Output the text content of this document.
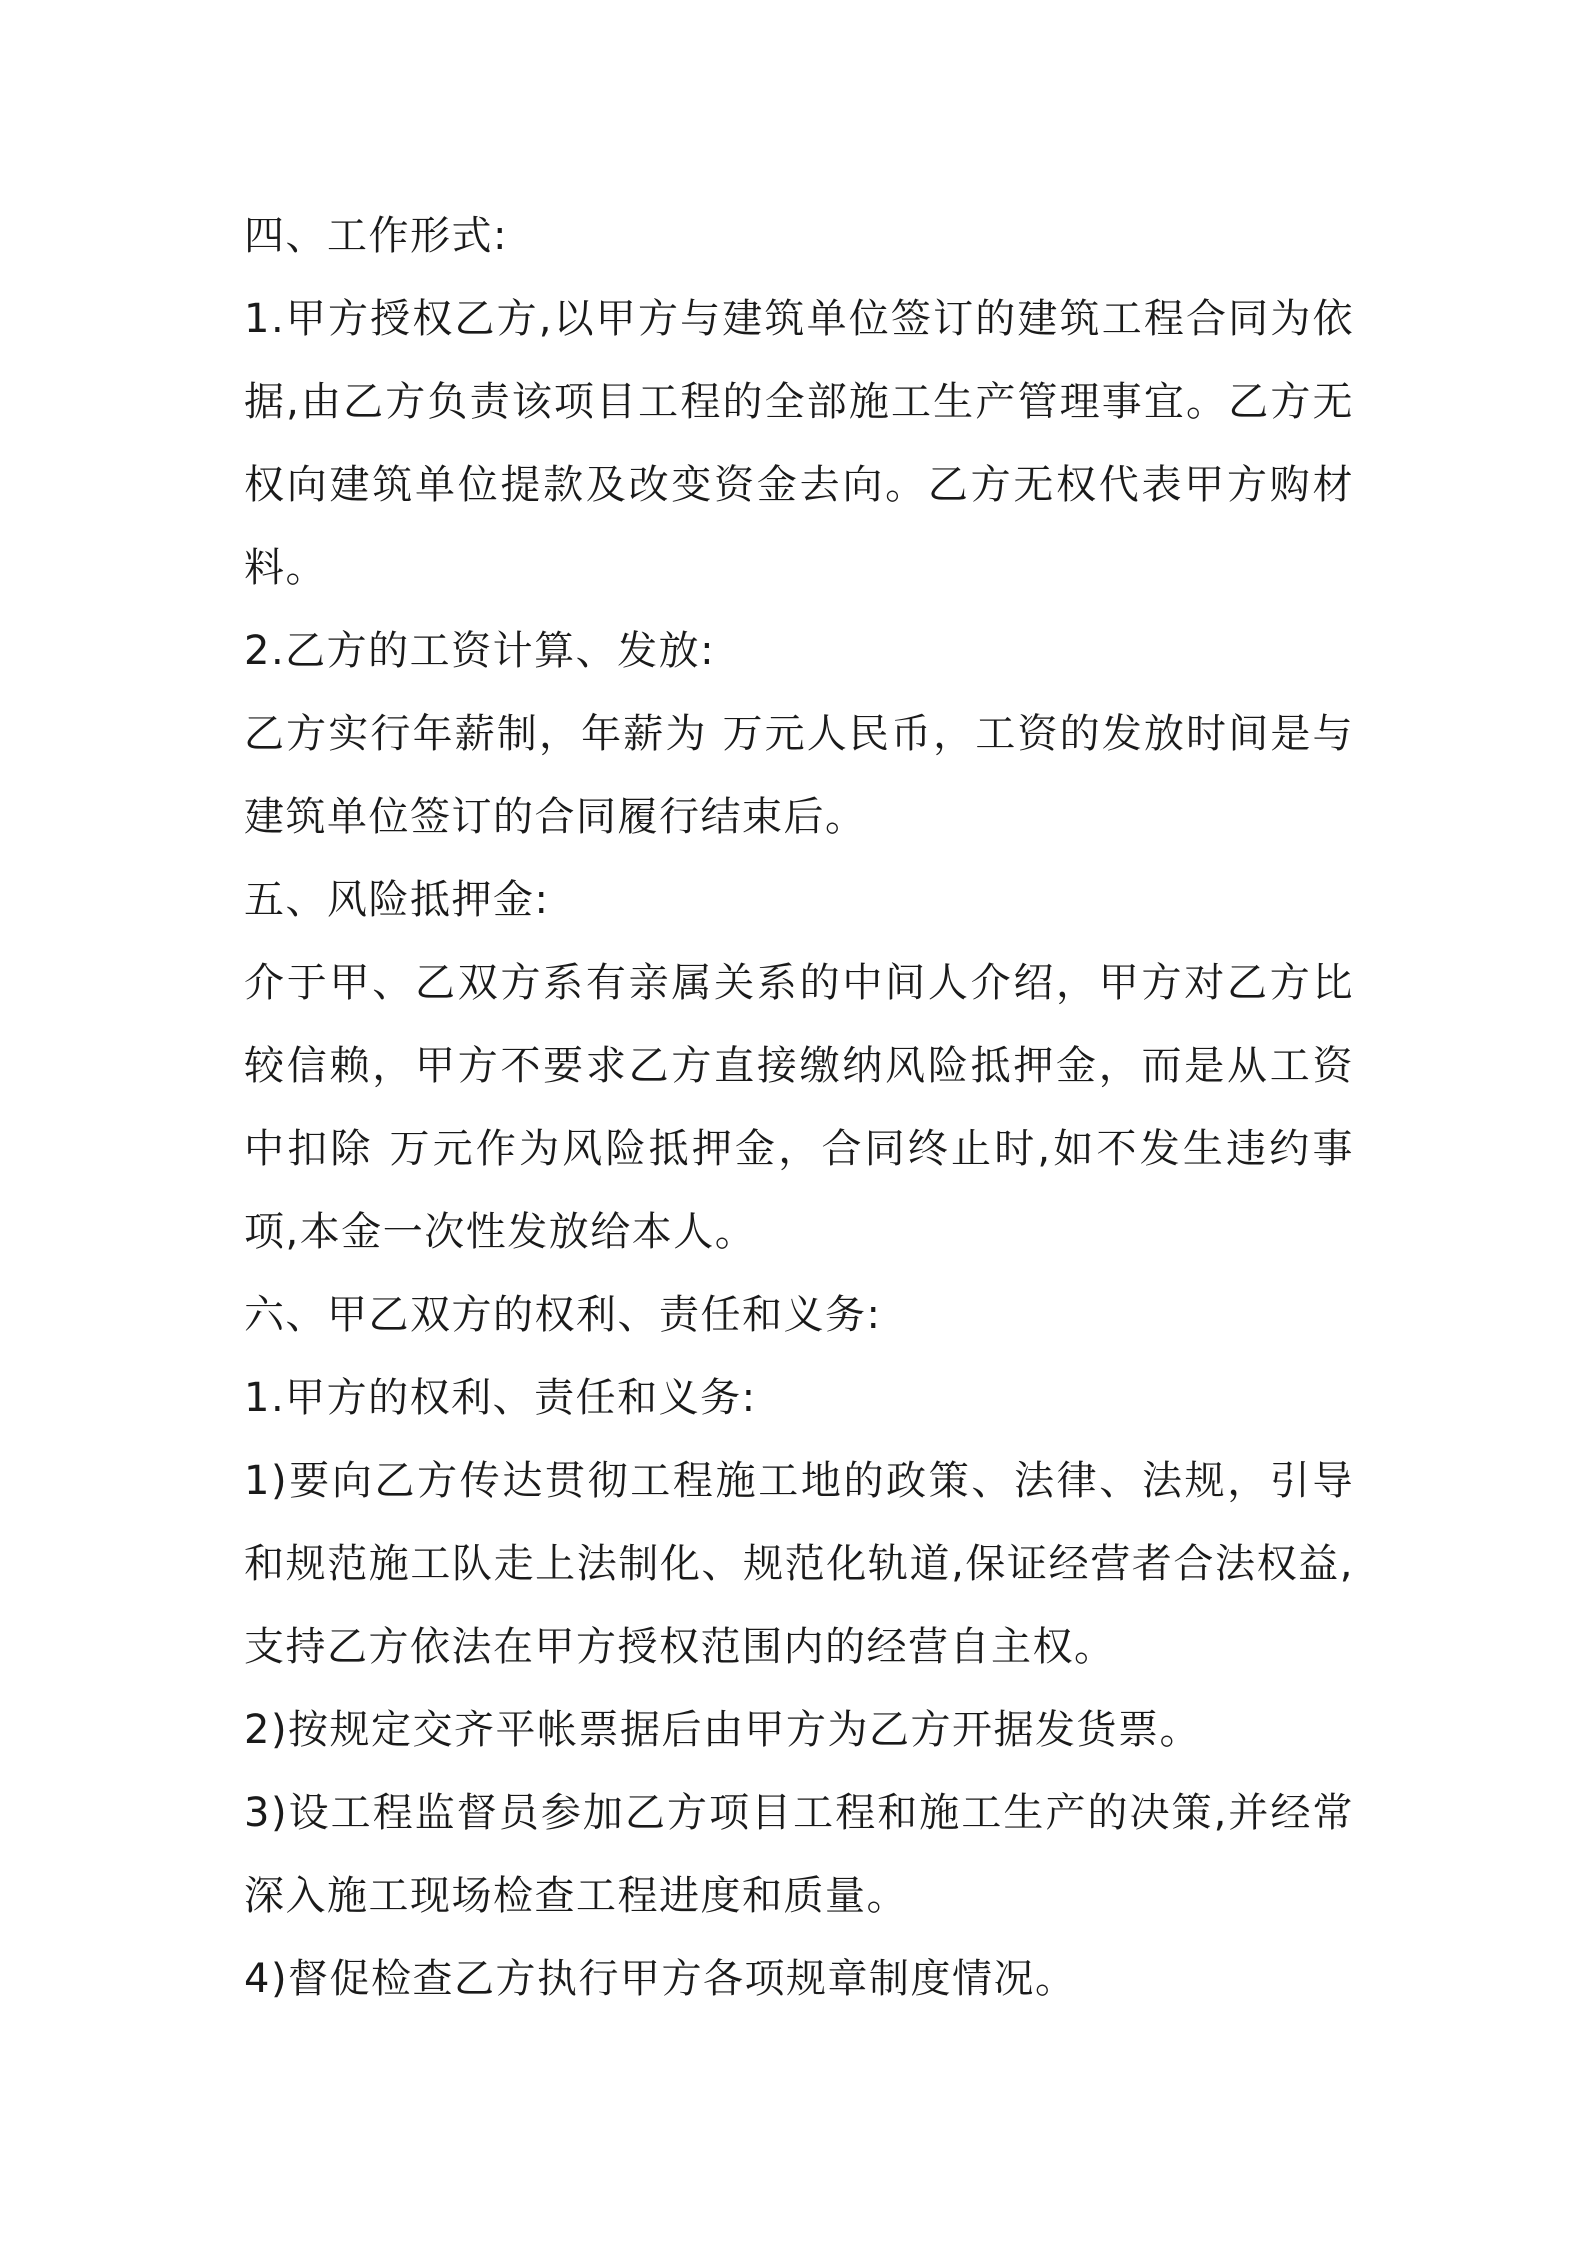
四、工作形式:

1.甲方授权乙方,以甲方与建筑单位签订的建筑工程合同为依据,由乙方负责该项目工程的全部施工生产管理事宜。乙方无权向建筑单位提款及改变资金去向。乙方无权代表甲方购材料。

2.乙方的工资计算、发放:

乙方实行年薪制，年薪为 万元人民币，工资的发放时间是与建筑单位签订的合同履行结束后。

五、风险抵押金:

介于甲、乙双方系有亲属关系的中间人介绍，甲方对乙方比较信赖，甲方不要求乙方直接缴纳风险抵押金，而是从工资中扣除 万元作为风险抵押金，合同终止时,如不发生违约事项,本金一次性发放给本人。

六、甲乙双方的权利、责任和义务:

1.甲方的权利、责任和义务:

1)要向乙方传达贯彻工程施工地的政策、法律、法规，引导和规范施工队走上法制化、规范化轨道,保证经营者合法权益,支持乙方依法在甲方授权范围内的经营自主权。

2)按规定交齐平帐票据后由甲方为乙方开据发货票。

3)设工程监督员参加乙方项目工程和施工生产的决策,并经常深入施工现场检查工程进度和质量。

4)督促检查乙方执行甲方各项规章制度情况。
